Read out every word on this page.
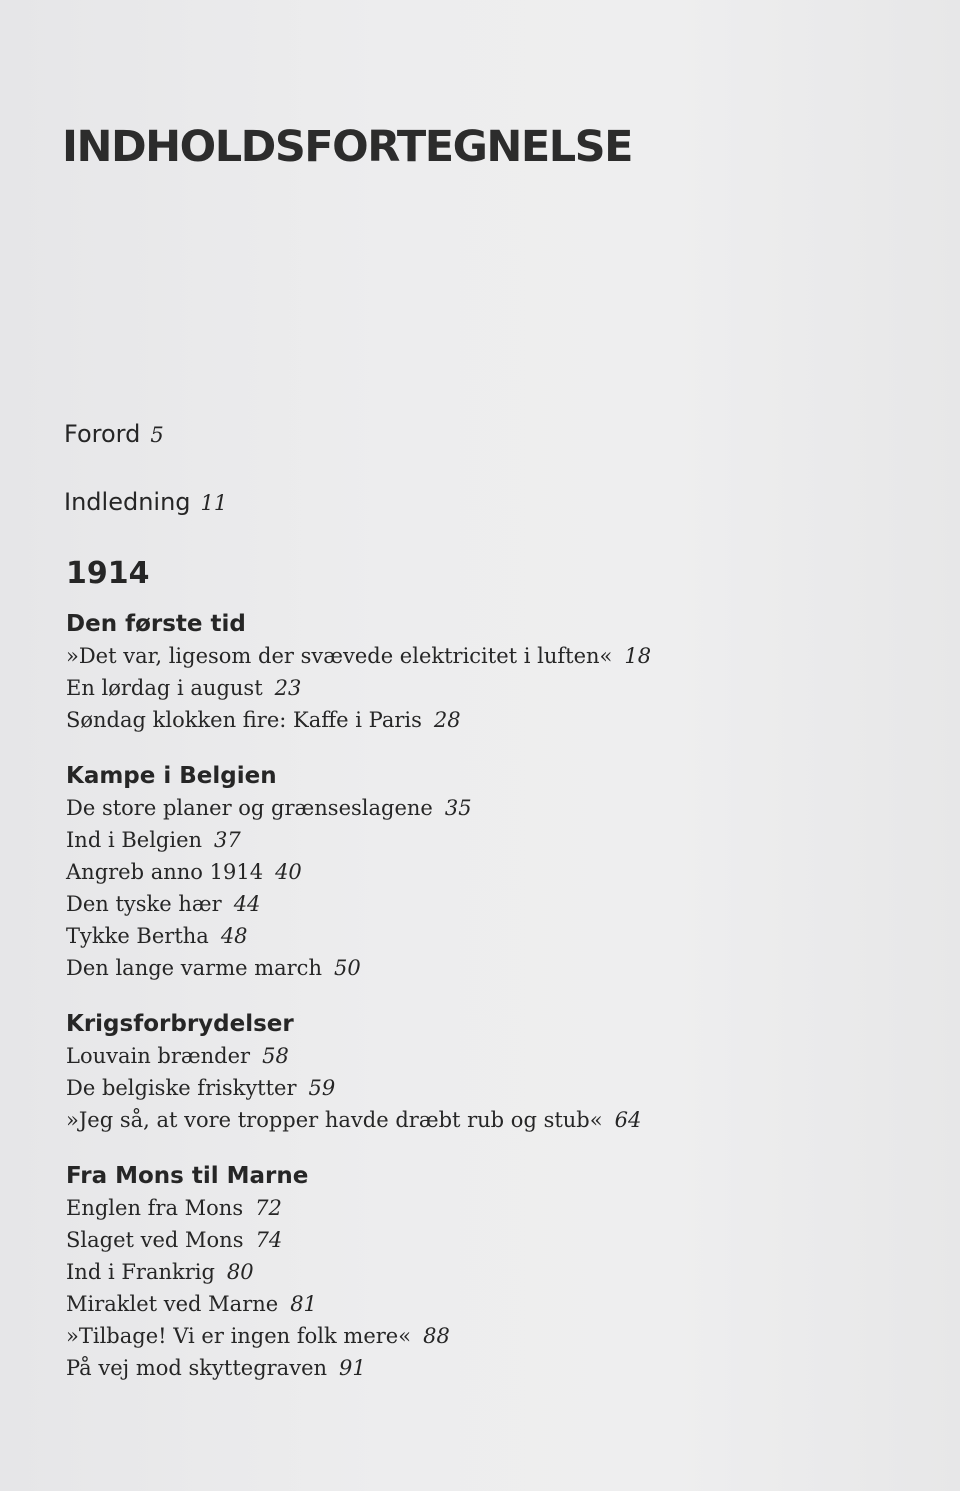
INDHOLDSFORTEGNELSE
Forord 5
Indledning 11
1914
Den første tid
»Det var, ligesom der svævede elektricitet i luften« 18
En lørdag i august 23
Søndag klokken fire: Kaffe i Paris 28
Kampe i Belgien
De store planer og grænseslagene 35
Ind i Belgien 37
Angreb anno 1914 40
Den tyske hær 44
Tykke Bertha 48
Den lange varme march 50
Krigsforbrydelser
Louvain brænder 58
De belgiske friskytter 59
»Jeg så, at vore tropper havde dræbt rub og stub« 64
Fra Mons til Marne
Englen fra Mons 72
Slaget ved Mons 74
Ind i Frankrig 80
Miraklet ved Marne 81
»Tilbage! Vi er ingen folk mere« 88
På vej mod skyttegraven 91
